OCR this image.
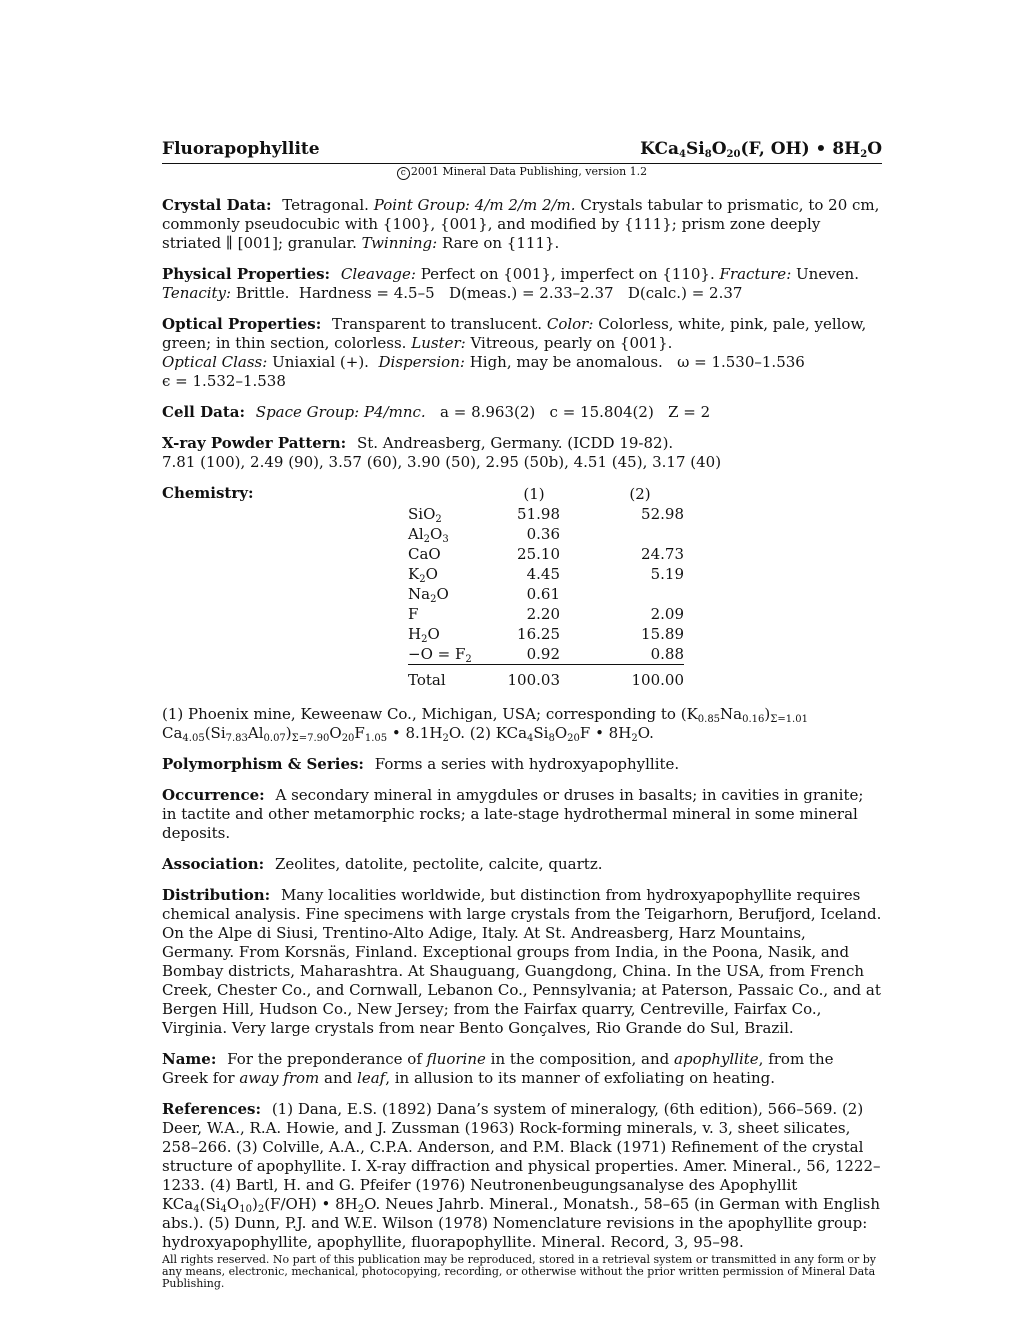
Fluorapophyllite	$KCa_4Si_8O_{20}(F$, OH) • $8H_2O$
c 2001 Mineral Data Publishing, version 1.2

Crystal Data: Tetragonal. Point Group: 4/m 2/m 2/m. Crystals tabular to prismatic, to 20 cm, commonly pseudocubic with {100}, {001}, and modified by {111}; prism zone deeply striated ∥ [001]; granular. Twinning: Rare on {111}.

Physical Properties: Cleavage: Perfect on {001}, imperfect on {110}. Fracture: Uneven.
Tenacity: Brittle. Hardness = 4.5–5   D(meas.) = 2.33–2.37   D(calc.) = 2.37

Optical Properties: Transparent to translucent. Color: Colorless, white, pink, pale, yellow, green; in thin section, colorless. Luster: Vitreous, pearly on {001}.
Optical Class: Uniaxial (+). Dispersion: High, may be anomalous. ω = 1.530–1.536
ϵ = 1.532–1.538

Cell Data: Space Group: P4/mnc. a = 8.963(2)   c = 15.804(2)   Z = 2

X-ray Powder Pattern: St. Andreasberg, Germany. (ICDD 19-82).
7.81 (100), 2.49 (90), 3.57 (60), 3.90 (50), 2.95 (50b), 4.51 (45), 3.17 (40)

Chemistry:

		(1)	(2)
SiO$_2$	51.98	52.98
$Al_2O_3$	0.36	
CaO	25.10	24.73
$K_2O$	4.45	5.19
$Na_2O$	0.61	
F	2.20	2.09
$H_2O$	16.25	15.89
$-O = F_2$	0.92	0.88
Total	100.03	100.00

(1) Phoenix mine, Keweenaw Co., Michigan, USA; corresponding to $(K_{0.85}Na_{0.16})_{\Sigma=1.01}$
$Ca_{4.05}(Si_{7.83}Al_{0.07})_{\Sigma=7.90}O_{20}F_{1.05}$ • $8.1H_2O$. (2) $KCa_4Si_8O_{20}F$ • $8H_2O$.

Polymorphism & Series: Forms a series with hydroxyapophyllite.

Occurrence: A secondary mineral in amygdules or druses in basalts; in cavities in granite; in tactite and other metamorphic rocks; a late-stage hydrothermal mineral in some mineral deposits.

Association: Zeolites, datolite, pectolite, calcite, quartz.

Distribution: Many localities worldwide, but distinction from hydroxyapophyllite requires chemical analysis. Fine specimens with large crystals from the Teigarhorn, Berufjord, Iceland. On the Alpe di Siusi, Trentino-Alto Adige, Italy. At St. Andreasberg, Harz Mountains, Germany. From Korsnäs, Finland. Exceptional groups from India, in the Poona, Nasik, and Bombay districts, Maharashtra. At Shauguang, Guangdong, China. In the USA, from French Creek, Chester Co., and Cornwall, Lebanon Co., Pennsylvania; at Paterson, Passaic Co., and at Bergen Hill, Hudson Co., New Jersey; from the Fairfax quarry, Centreville, Fairfax Co., Virginia. Very large crystals from near Bento Gonçalves, Rio Grande do Sul, Brazil.

Name: For the preponderance of fluorine in the composition, and apophyllite, from the Greek for away from and leaf, in allusion to its manner of exfoliating on heating.

References: (1) Dana, E.S. (1892) Dana’s system of mineralogy, (6th edition), 566–569. (2) Deer, W.A., R.A. Howie, and J. Zussman (1963) Rock-forming minerals, v. 3, sheet silicates, 258–266. (3) Colville, A.A., C.P.A. Anderson, and P.M. Black (1971) Refinement of the crystal structure of apophyllite. I. X-ray diffraction and physical properties. Amer. Mineral., 56, 1222–1233. (4) Bartl, H. and G. Pfeifer (1976) Neutronenbeugungsanalyse des Apophyllit $KCa_4(Si_4O_{10})_2(F/OH)$ • $8H_2O$. Neues Jahrb. Mineral., Monatsh., 58–65 (in German with English abs.). (5) Dunn, P.J. and W.E. Wilson (1978) Nomenclature revisions in the apophyllite group: hydroxyapophyllite, apophyllite, fluorapophyllite. Mineral. Record, 3, 95–98.

All rights reserved. No part of this publication may be reproduced, stored in a retrieval system or transmitted in any form or by any means, electronic, mechanical, photocopying, recording, or otherwise without the prior written permission of Mineral Data Publishing.
